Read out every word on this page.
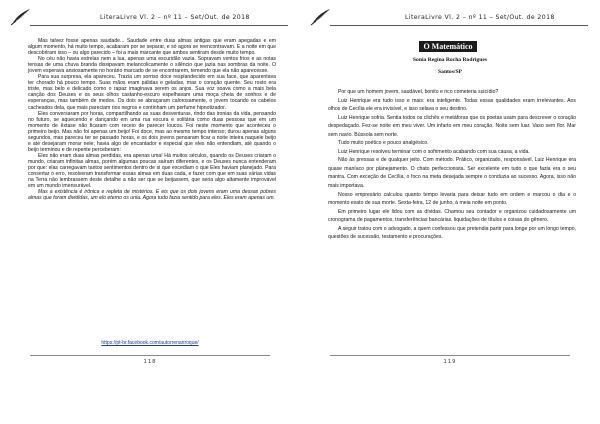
LiteraLivre Vl. 2 – nº 11 – Set/Out. de 2018

Mas talvez fosse apenas saudade... Saudade entre duas almas antigas que eram apegadas e em algum momento, há muito tempo, acabaram por se separar, e só agora se reencontravam. E a noite em que descobriram isso – ou algo parecido – foi a mais marcante que ambos sentiram desde muito tempo.

No céu não havia estrelas nem a lua, apenas uma escuridão vazia. Sopravam ventos frios e as notas tensas de uma chuva branda dissipavam melancolicamente o silêncio que jazia nas sombras da noite. O jovem esperava ansiosamente no horário marcado de se encontrarem, temendo que ela não aparecesse.

Para sua surpresa, ela apareceu. Trazia um sorriso doce resplandecido em sua face, que aparentava ter chorado há pouco tempo. Suas mãos eram pálidas e geladas, mas o coração quente. Seu rosto era triste, mas belo e delicado como o rapaz imaginava serem os anjos. Sua voz soava como a mais bela canção dos Deuses e os seus olhos castanho-escuro espelhavam uma moça cheia de sonhos e de esperanças, mas também de medos. Os dois se abraçaram calorosamente, o jovem tocando os cabelos cacheados dela, que mais pareciam rios negros e continham um perfume hipnotizador.

Eles conversaram por horas, compartilhando as suas desventuras, rindo das ironias da vida, pensando no futuro, se aquecendo e dançando em uma rua escura e solitária como duas pessoas que em um momento de êxtase não ficaram com receio de parecer loucos. Foi neste momento que aconteceu o primeiro beijo. Mas não foi apenas um beijo! Foi doce, mas ao mesmo tempo intenso; durou apenas alguns segundos, mas pareceu ter se passado horas, e os dois jovens pensaram ficar a noite inteira naquele beijo e até desejaram morar nele; havia algo de encantador e especial que eles não entendiam, até quando o beijo terminou e de repente perceberam:

Eles não eram duas almas perdidas, era apenas uma! Há muitos séculos, quando os Deuses criaram o mundo, criaram infinitas almas, porém algumas poucas saíram diferentes, e os Deuses nunca entenderam por que: elas carregavam tantos sentimentos dentro de si que excediam o que Eles haviam planejado. Para consertar o erro, resolveram transformar essas almas em duas cada, e fazer com que em suas várias vidas na Terra não lembrassem deste detalhe a não ser que se beijassem, que seria algo altamente improvável em um mundo imensurável.

Mas a existência é irônica e repleta de mistérios. E eis que os dois jovens eram uma dessas pobres almas que foram divididas, um elo eterno os unia. Agora tudo fazia sentido para eles. Eles eram apenas um.

https://pt-br.facebook.com/autorrenanroque/
118
LiteraLivre Vl. 2 – nº 11 – Set/Out. de 2018
119
O Matemático
Sonia Regina Rocha Rodrigues
Santos/SP

Por que um homem jovem, saudável, bonito e rico cometeria suicídio?

Luiz Henrique era tudo isso e mais: era inteligente. Todas essas qualidades eram irrelevantes. Aos olhos de Cecília ele era invisível, e isso selava o seu destino.

Luiz Henrique sofria. Sentia todos os clichês e metáforas que os poetas usam para descrever o coração despedaçado. Fez-se noite em meu viver. Um infarto em meu coração. Noite sem luar. Vaso sem flor. Mar sem navio. Bússola sem norte.

Tudo muito poético e pouco analgésico.

Luiz Henrique resolveu terminar com o sofrimento acabando com sua causa, a vida.

Não às pressas e de qualquer jeito. Com método. Prático, organizado, responsável, Luiz Henrique era quase maníaco por planejamento. O chato perfeccionista. Ser excelente em tudo o que fazia era o seu mantra. Com exceção de Cecília, o foco na meta desejada sempre o conduzia ao sucesso. Agora, isso não mais importava.

Nosso empresário calculou quanto tempo levaria para deixar tudo em ordem e marcou o dia e o momento exato de sua morte. Sexta-feira, 12 de junho, à meia noite em ponto.

Em primeiro lugar ele lidou com as dívidas. Chamou seu contador e organizou cuidadosamente um cronograma de pagamentos, transferências bancárias, liquidações de títulos e coisas do gênero.

A seguir tratou com o advogado, a quem confessou que pretendia partir para longe por um longo tempo, questões de sucessão, testamento e procurações.
